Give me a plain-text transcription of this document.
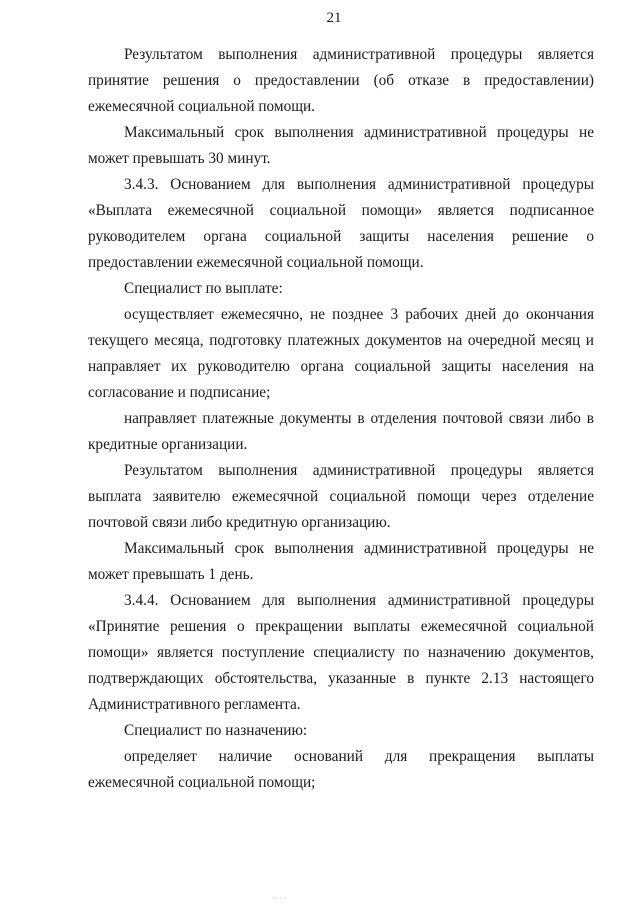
21

Результатом выполнения административной процедуры является принятие решения о предоставлении (об отказе в предоставлении) ежемесячной социальной помощи.

Максимальный срок выполнения административной процедуры не может превышать 30 минут.

3.4.3. Основанием для выполнения административной процедуры «Выплата ежемесячной социальной помощи» является подписанное руководителем органа социальной защиты населения решение о предоставлении ежемесячной социальной помощи.

Специалист по выплате:

осуществляет ежемесячно, не позднее 3 рабочих дней до окончания текущего месяца, подготовку платежных документов на очередной месяц и направляет их руководителю органа социальной защиты населения на согласование и подписание;

направляет платежные документы в отделения почтовой связи либо в кредитные организации.

Результатом выполнения административной процедуры является выплата заявителю ежемесячной социальной помощи через отделение почтовой связи либо кредитную организацию.

Максимальный срок выполнения административной процедуры не может превышать 1 день.

3.4.4. Основанием для выполнения административной процедуры «Принятие решения о прекращении выплаты ежемесячной социальной помощи» является поступление специалисту по назначению документов, подтверждающих обстоятельства, указанные в пункте 2.13 настоящего Административного регламента.

Специалист по назначению:

определяет наличие оснований для прекращения выплаты ежемесячной социальной помощи;

····
